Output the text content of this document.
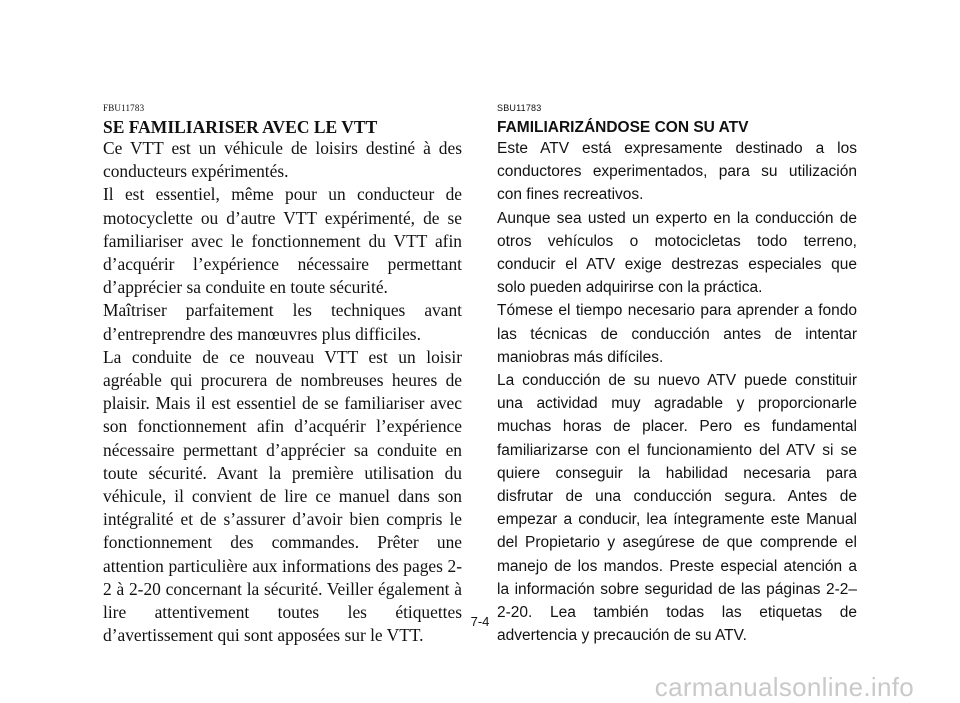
FBU11783
SE FAMILIARISER AVEC LE VTT

Ce VTT est un véhicule de loisirs destiné à des conducteurs expérimentés.

Il est essentiel, même pour un conducteur de motocyclette ou d’autre VTT expérimenté, de se familiariser avec le fonctionnement du VTT afin d’acquérir l’expérience nécessaire permettant d’apprécier sa conduite en toute sécurité.

Maîtriser parfaitement les techniques avant d’entreprendre des manœuvres plus difficiles.

La conduite de ce nouveau VTT est un loisir agréable qui procurera de nombreuses heures de plaisir. Mais il est essentiel de se familiariser avec son fonctionnement afin d’acquérir l’expérience nécessaire permettant d’apprécier sa conduite en toute sécurité. Avant la première utilisation du véhicule, il convient de lire ce manuel dans son intégralité et de s’assurer d’avoir bien compris le fonctionnement des commandes. Prêter une attention particulière aux informations des pages 2-2 à 2-20 concernant la sécurité. Veiller également à lire attentivement toutes les étiquettes d’avertissement qui sont apposées sur le VTT.

SBU11783
FAMILIARIZÁNDOSE CON SU ATV

Este ATV está expresamente destinado a los conductores experimentados, para su utilización con fines recreativos.

Aunque sea usted un experto en la conducción de otros vehículos o motocicletas todo terreno, conducir el ATV exige destrezas especiales que solo pueden adquirirse con la práctica.

Tómese el tiempo necesario para aprender a fondo las técnicas de conducción antes de intentar maniobras más difíciles.

La conducción de su nuevo ATV puede constituir una actividad muy agradable y proporcionarle muchas horas de placer. Pero es fundamental familiarizarse con el funcionamiento del ATV si se quiere conseguir la habilidad necesaria para disfrutar de una conducción segura. Antes de empezar a conducir, lea íntegramente este Manual del Propietario y asegúrese de que comprende el manejo de los mandos. Preste especial atención a la información sobre seguridad de las páginas 2-2–2-20. Lea también todas las etiquetas de advertencia y precaución de su ATV.

7-4
carmanualsonline.info
